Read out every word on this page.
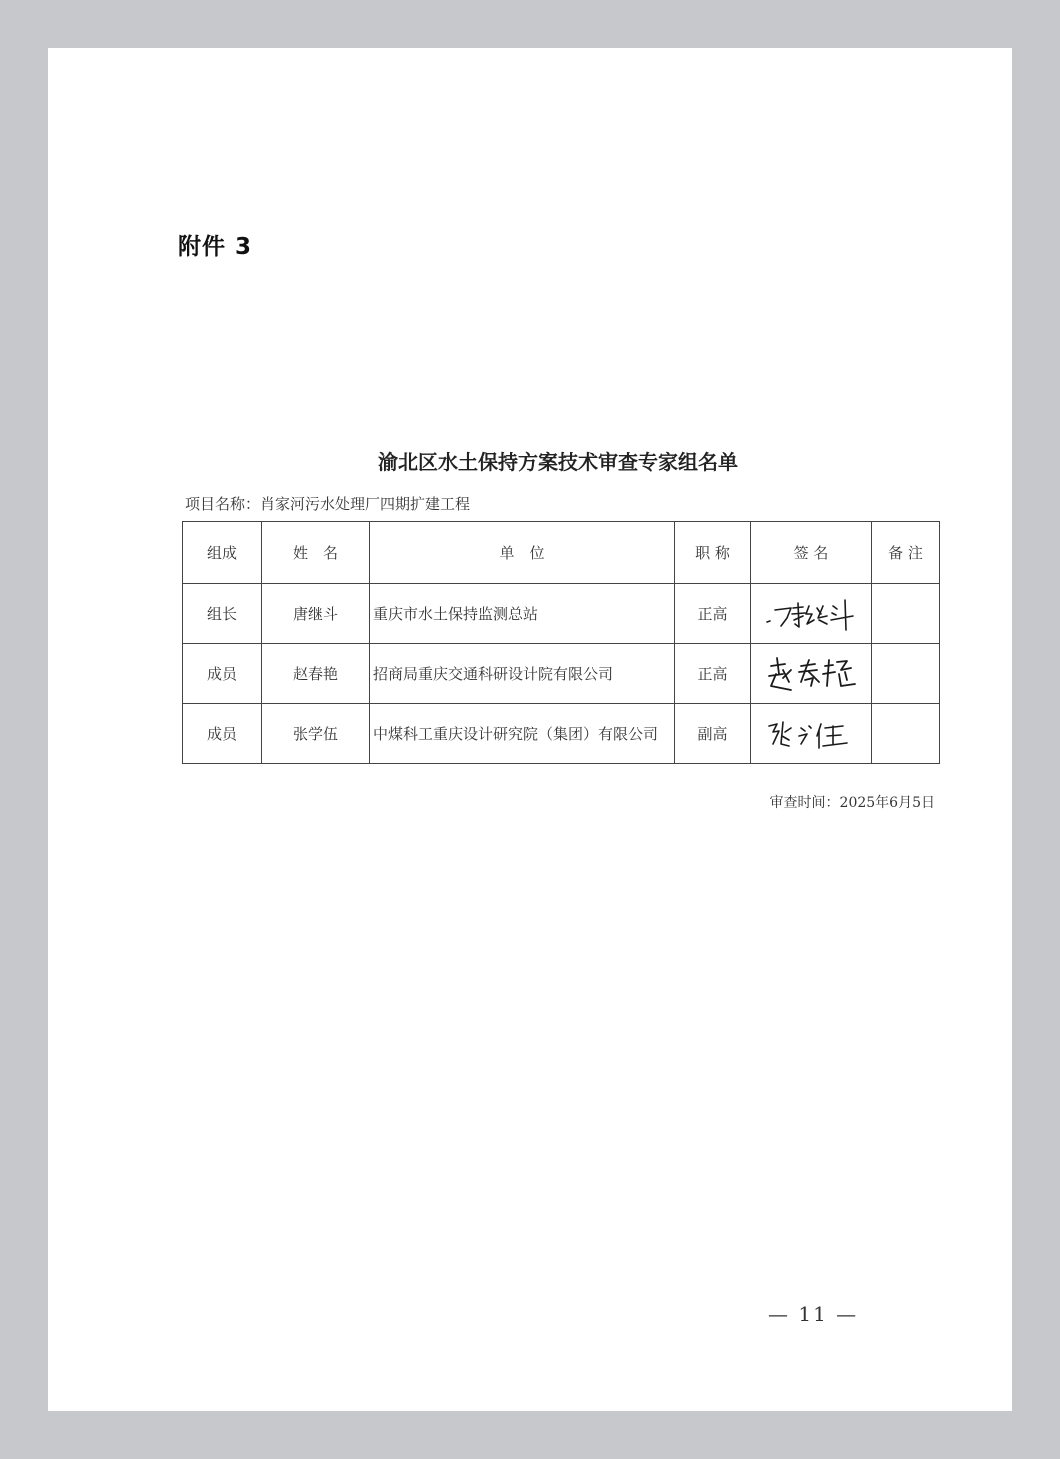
附件 3
渝北区水土保持方案技术审查专家组名单
项目名称：肖家河污水处理厂四期扩建工程
组成	姓　名	单　位	职 称	签 名	备 注
组长	唐继斗	重庆市水土保持监测总站	正高	

成员	赵春艳	招商局重庆交通科研设计院有限公司	正高	

成员	张学伍	中煤科工重庆设计研究院（集团）有限公司	副高	

审查时间：2025年6月5日
— 11 —
